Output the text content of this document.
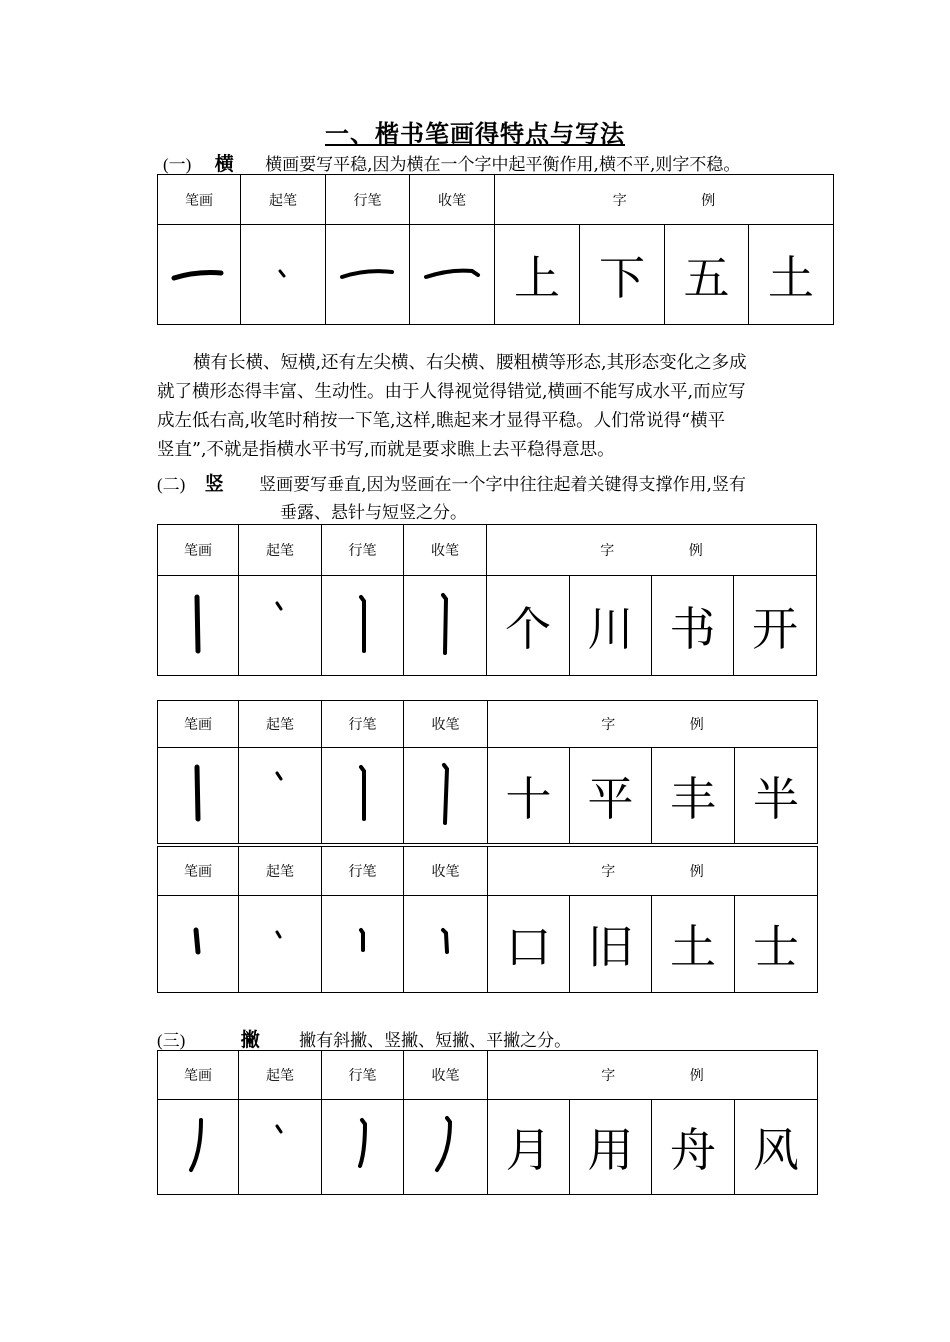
一、楷书笔画得特点与写法
(一) 横 横画要写平稳,因为横在一个字中起平衡作用,横不平,则字不稳。
笔画	起笔	行笔	收笔	字 例			
				上	下	五	土
横有长横、短横,还有左尖横、右尖横、腰粗横等形态,其形态变化之多成
就了横形态得丰富、生动性。由于人得视觉得错觉,横画不能写成水平,而应写
成左低右高,收笔时稍按一下笔,这样,瞧起来才显得平稳。人们常说得“横平
竖直”,不就是指横水平书写,而就是要求瞧上去平稳得意思。
(二) 竖 竖画要写垂直,因为竖画在一个字中往往起着关键得支撑作用,竖有
垂露、悬针与短竖之分。
笔画	起笔	行笔	收笔	字 例			
				个	川	书	开
笔画	起笔	行笔	收笔	字 例			
				十	平	丰	半
笔画	起笔	行笔	收笔	字 例			
				口	旧	土	士
(三)	撇 撇有斜撇、竖撇、短撇、平撇之分。
笔画	起笔	行笔	收笔	字 例			
				月	用	舟	风
